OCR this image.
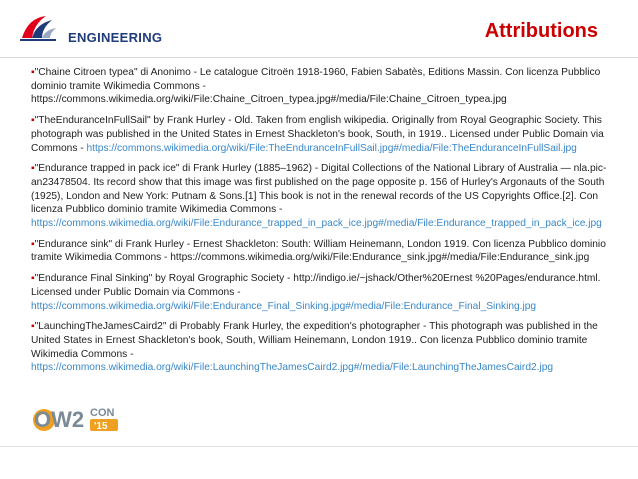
ENGINEERING	Attributions

▪"Chaine Citroen typea" di Anonimo - Le catalogue Citroën 1918-1960, Fabien Sabatès, Editions Massin. Con licenza Pubblico dominio tramite Wikimedia Commons - https://commons.wikimedia.org/wiki/File:Chaine_Citroen_typea.jpg#/media/File:Chaine_Citroen_typea.jpg

▪"TheEnduranceInFullSail" by Frank Hurley - Old. Taken from english wikipedia. Originally from Royal Geographic Society. This photograph was published in the United States in Ernest Shackleton's book, South, in 1919.. Licensed under Public Domain via Commons - https://commons.wikimedia.org/wiki/File:TheEnduranceInFullSail.jpg#/media/File:TheEnduranceInFullSail.jpg

▪"Endurance trapped in pack ice" di Frank Hurley (1885–1962) - Digital Collections of the National Library of Australia — nla.pic-an23478504. Its record show that this image was first published on the page opposite p. 156 of Hurley's Argonauts of the South (1925), London and New York: Putnam & Sons.[1] This book is not in the renewal records of the US Copyrights Office.[2]. Con licenza Pubblico dominio tramite Wikimedia Commons - https://commons.wikimedia.org/wiki/File:Endurance_trapped_in_pack_ice.jpg#/media/File:Endurance_trapped_in_pack_ice.jpg

▪"Endurance sink" di Frank Hurley - Ernest Shackleton: South: William Heinemann, London 1919. Con licenza Pubblico dominio tramite Wikimedia Commons - https://commons.wikimedia.org/wiki/File:Endurance_sink.jpg#/media/File:Endurance_sink.jpg

▪"Endurance Final Sinking" by Royal Grographic Society - http://indigo.ie/~jshack/Other%20Ernest %20Pages/endurance.html. Licensed under Public Domain via Commons - https://commons.wikimedia.org/wiki/File:Endurance_Final_Sinking.jpg#/media/File:Endurance_Final_Sinking.jpg

▪"LaunchingTheJamesCaird2" di Probably Frank Hurley, the expedition's photographer - This photograph was published in the United States in Ernest Shackleton's book, South, William Heinemann, London 1919.. Con licenza Pubblico dominio tramite Wikimedia Commons - https://commons.wikimedia.org/wiki/File:LaunchingTheJamesCaird2.jpg#/media/File:LaunchingTheJamesCaird2.jpg

OW2 CON
'15
